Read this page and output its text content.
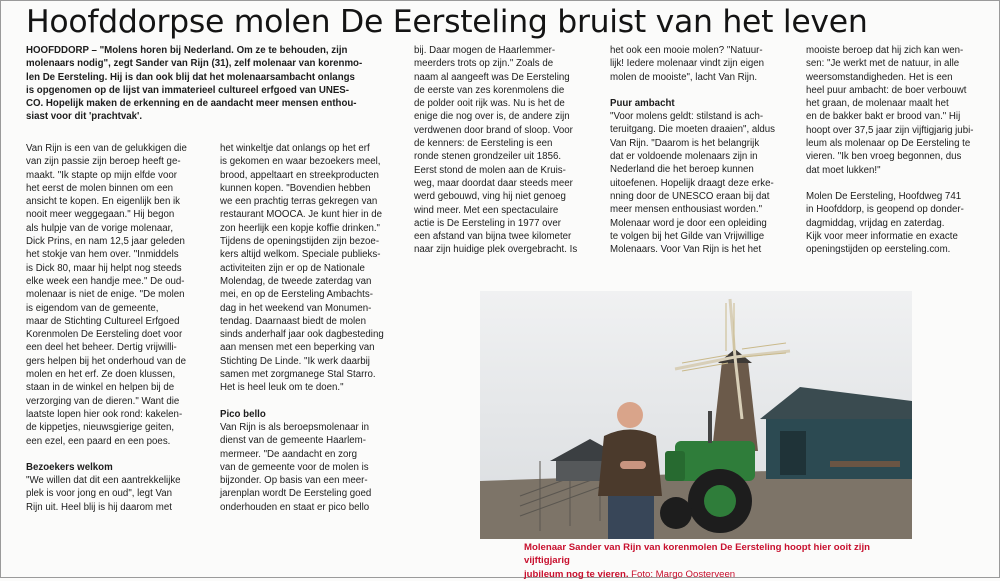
Hoofddorpse molen De Eersteling bruist van het leven

HOOFDDORP – "Molens horen bij Nederland. Om ze te behouden, zijn

molenaars nodig", zegt Sander van Rijn (31), zelf molenaar van korenmo-

len De Eersteling. Hij is dan ook blij dat het molenaarsambacht onlangs

is opgenomen op de lijst van immaterieel cultureel erfgoed van UNES-

CO. Hopelijk maken de erkenning en de aandacht meer mensen enthou-

siast voor dit 'prachtvak'.

Van Rijn is een van de gelukkigen die

van zijn passie zijn beroep heeft ge-

maakt. "Ik stapte op mijn elfde voor

het eerst de molen binnen om een

ansicht te kopen. En eigenlijk ben ik

nooit meer weggegaan." Hij begon

als hulpje van de vorige molenaar,

Dick Prins, en nam 12,5 jaar geleden

het stokje van hem over. "Inmiddels

is Dick 80, maar hij helpt nog steeds

elke week een handje mee." De oud-

molenaar is niet de enige. "De molen

is eigendom van de gemeente,

maar de Stichting Cultureel Erfgoed

Korenmolen De Eersteling doet voor

een deel het beheer. Dertig vrijwilli-

gers helpen bij het onderhoud van de

molen en het erf. Ze doen klussen,

staan in de winkel en helpen bij de

verzorging van de dieren." Want die

laatste lopen hier ook rond: kakelen-

de kippetjes, nieuwsgierige geiten,

een ezel, een paard en een poes.

Bezoekers welkom

"We willen dat dit een aantrekkelijke

plek is voor jong en oud", legt Van

Rijn uit. Heel blij is hij daarom met

het winkeltje dat onlangs op het erf

is gekomen en waar bezoekers meel,

brood, appeltaart en streekproducten

kunnen kopen. "Bovendien hebben

we een prachtig terras gekregen van

restaurant MOOCA. Je kunt hier in de

zon heerlijk een kopje koffie drinken."

Tijdens de openingstijden zijn bezoe-

kers altijd welkom. Speciale publieks-

activiteiten zijn er op de Nationale

Molendag, de tweede zaterdag van

mei, en op de Eersteling Ambachts-

dag in het weekend van Monumen-

tendag. Daarnaast biedt de molen

sinds anderhalf jaar ook dagbesteding

aan mensen met een beperking van

Stichting De Linde. "Ik werk daarbij

samen met zorgmanege Stal Starro.

Het is heel leuk om te doen."

Pico bello

Van Rijn is als beroepsmolenaar in

dienst van de gemeente Haarlem-

mermeer. "De aandacht en zorg

van de gemeente voor de molen is

bijzonder. Op basis van een meer-

jarenplan wordt De Eersteling goed

onderhouden en staat er pico bello

bij. Daar mogen de Haarlemmer-

meerders trots op zijn." Zoals de

naam al aangeeft was De Eersteling

de eerste van zes korenmolens die

de polder ooit rijk was. Nu is het de

enige die nog over is, de andere zijn

verdwenen door brand of sloop. Voor

de kenners: de Eersteling is een

ronde stenen grondzeiler uit 1856.

Eerst stond de molen aan de Kruis-

weg, maar doordat daar steeds meer

werd gebouwd, ving hij niet genoeg

wind meer. Met een spectaculaire

actie is De Eersteling in 1977 over

een afstand van bijna twee kilometer

naar zijn huidige plek overgebracht. Is

het ook een mooie molen? "Natuur-

lijk! Iedere molenaar vindt zijn eigen

molen de mooiste", lacht Van Rijn.

Puur ambacht

"Voor molens geldt: stilstand is ach-

teruitgang. Die moeten draaien", aldus

Van Rijn. "Daarom is het belangrijk

dat er voldoende molenaars zijn in

Nederland die het beroep kunnen

uitoefenen. Hopelijk draagt deze erke-

nning door de UNESCO eraan bij dat

meer mensen enthousiast worden."

Molenaar word je door een opleiding

te volgen bij het Gilde van Vrijwillige

Molenaars. Voor Van Rijn is het het

mooiste beroep dat hij zich kan wen-

sen: "Je werkt met de natuur, in alle

weersomstandigheden. Het is een

heel puur ambacht: de boer verbouwt

het graan, de molenaar maalt het

en de bakker bakt er brood van." Hij

hoopt over 37,5 jaar zijn vijftigjarig jubi-

leum als molenaar op De Eersteling te

vieren. "Ik ben vroeg begonnen, dus

dat moet lukken!"

Molen De Eersteling, Hoofdweg 741

in Hoofddorp, is geopend op donder-

dagmiddag, vrijdag en zaterdag.

Kijk voor meer informatie en exacte

openingstijden op eersteling.com.

Molenaar Sander van Rijn van korenmolen De Eersteling hoopt hier ooit zijn vijftigjarig
jubileum nog te vieren. Foto: Margo Oosterveen
